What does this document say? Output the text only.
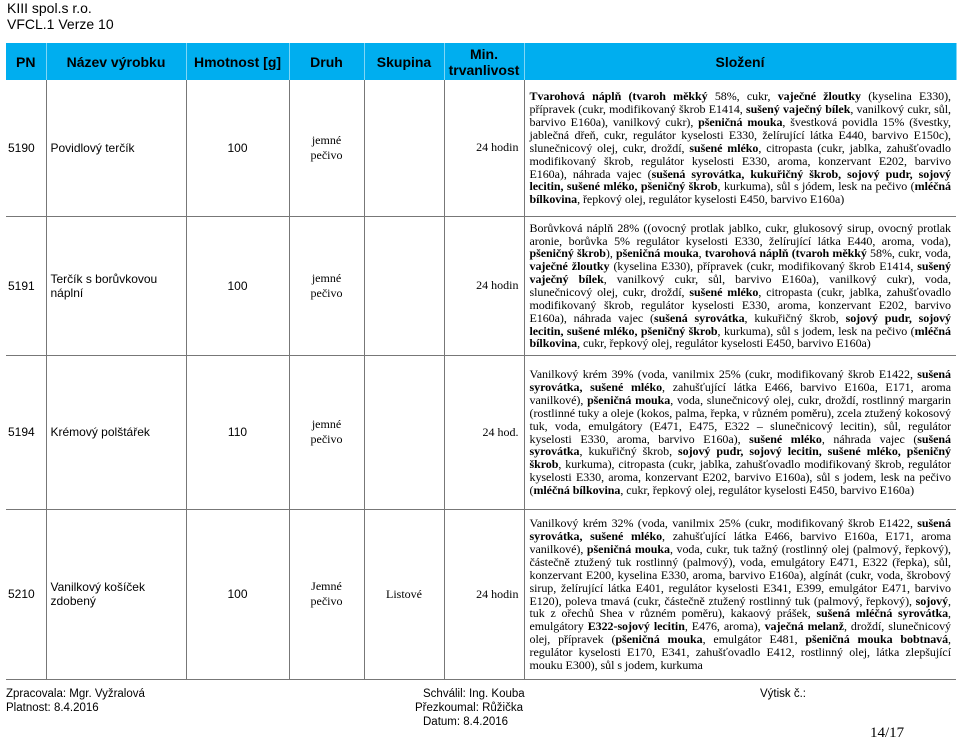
KIII spol.s r.o.
VFCL.1 Verze 10
PN	Název výrobku	Hmotnost [g]	Druh	Skupina	Min.
trvanlivost	Složení
5190	Povidlový terčík	100	jemné
pečivo		24 hodin	Tvarohová náplň (tvaroh měkký 58%, cukr, vaječné žloutky (kyselina E330), přípravek (cukr, modifikovaný škrob E1414, sušený vaječný bílek, vanilkový cukr, sůl, barvivo E160a), vanilkový cukr), pšeničná mouka, švestková povidla 15% (švestky, jablečná dřeň, cukr, regulátor kyselosti E330, želírující látka E440, barvivo E150c), slunečnicový olej, cukr, droždí, sušené mléko, citropasta (cukr, jablka, zahušťovadlo modifikovaný škrob, regulátor kyselosti E330, aroma, konzervant E202, barvivo E160a), náhrada vajec (sušená syrovátka, kukuřičný škrob, sojový pudr, sojový lecitin, sušené mléko, pšeničný škrob, kurkuma), sůl s jódem, lesk na pečivo (mléčná bílkovina, řepkový olej, regulátor kyselosti E450, barvivo E160a)
5191	Terčík s borůvkovou
náplní	100	jemné
pečivo		24 hodin	Borůvková náplň 28% ((ovocný protlak jablko, cukr, glukosový sirup, ovocný protlak aronie, borůvka 5% regulátor kyselosti E330, želírující látka E440, aroma, voda), pšeničný škrob), pšeničná mouka, tvarohová náplň (tvaroh měkký 58%, cukr, voda, vaječné žloutky (kyselina E330), přípravek (cukr, modifikovaný škrob E1414, sušený vaječný bílek, vanilkový cukr, sůl, barvivo E160a), vanilkový cukr), voda, slunečnicový olej, cukr, droždí, sušené mléko, citropasta (cukr, jablka, zahušťovadlo modifikovaný škrob, regulátor kyselosti E330, aroma, konzervant E202, barvivo E160a), náhrada vajec (sušená syrovátka, kukuřičný škrob, sojový pudr, sojový lecitin, sušené mléko, pšeničný škrob, kurkuma), sůl s jodem, lesk na pečivo (mléčná bílkovina, cukr, řepkový olej, regulátor kyselosti E450, barvivo E160a)
5194	Krémový polštářek	110	jemné
pečivo		24 hod.	Vanilkový krém 39% (voda, vanilmix 25% (cukr, modifikovaný škrob E1422, sušená syrovátka, sušené mléko, zahušťující látka E466, barvivo E160a, E171, aroma vanilkové), pšeničná mouka, voda, slunečnicový olej, cukr, droždí, rostlinný margarin (rostlinné tuky a oleje (kokos, palma, řepka, v různém poměru), zcela ztužený kokosový tuk, voda, emulgátory (E471, E475, E322 – slunečnicový lecitin), sůl, regulátor kyselosti E330, aroma, barvivo E160a), sušené mléko, náhrada vajec (sušená syrovátka, kukuřičný škrob, sojový pudr, sojový lecitin, sušené mléko, pšeničný škrob, kurkuma), citropasta (cukr, jablka, zahušťovadlo modifikovaný škrob, regulátor kyselosti E330, aroma, konzervant E202, barvivo E160a), sůl s jodem, lesk na pečivo (mléčná bílkovina, cukr, řepkový olej, regulátor kyselosti E450, barvivo E160a)
5210	Vanilkový košíček
zdobený	100	Jemné
pečivo	Listové	24 hodin	Vanilkový krém 32% (voda, vanilmix 25% (cukr, modifikovaný škrob E1422, sušená syrovátka, sušené mléko, zahušťující látka E466, barvivo E160a, E171, aroma vanilkové), pšeničná mouka, voda, cukr, tuk tažný (rostlinný olej (palmový, řepkový), částečně ztužený tuk rostlinný (palmový), voda, emulgátory E471, E322 (řepka), sůl, konzervant E200, kyselina E330, aroma, barvivo E160a), algínát (cukr, voda, škrobový sirup, želírující látka E401, regulátor kyselosti E341, E399, emulgátor E471, barvivo E120), poleva tmavá (cukr, částečně ztužený rostlinný tuk (palmový, řepkový), sojový, tuk z ořechů Shea v různém poměru), kakaový prášek, sušená mléčná syrovátka, emulgátory E322-sojový lecitin, E476, aroma), vaječná melanž, droždí, slunečnicový olej, přípravek (pšeničná mouka, emulgátor E481, pšeničná mouka bobtnavá, regulátor kyselosti E170, E341, zahušťovadlo E412, rostlinný olej, látka zlepšující mouku E300), sůl s jodem, kurkuma
Zpracovala: Mgr. Vyžralová
Platnost: 8.4.2016
Schválil: Ing. Kouba
Přezkoumal: Růžička
Datum: 8.4.2016
Výtisk č.:
14/17
